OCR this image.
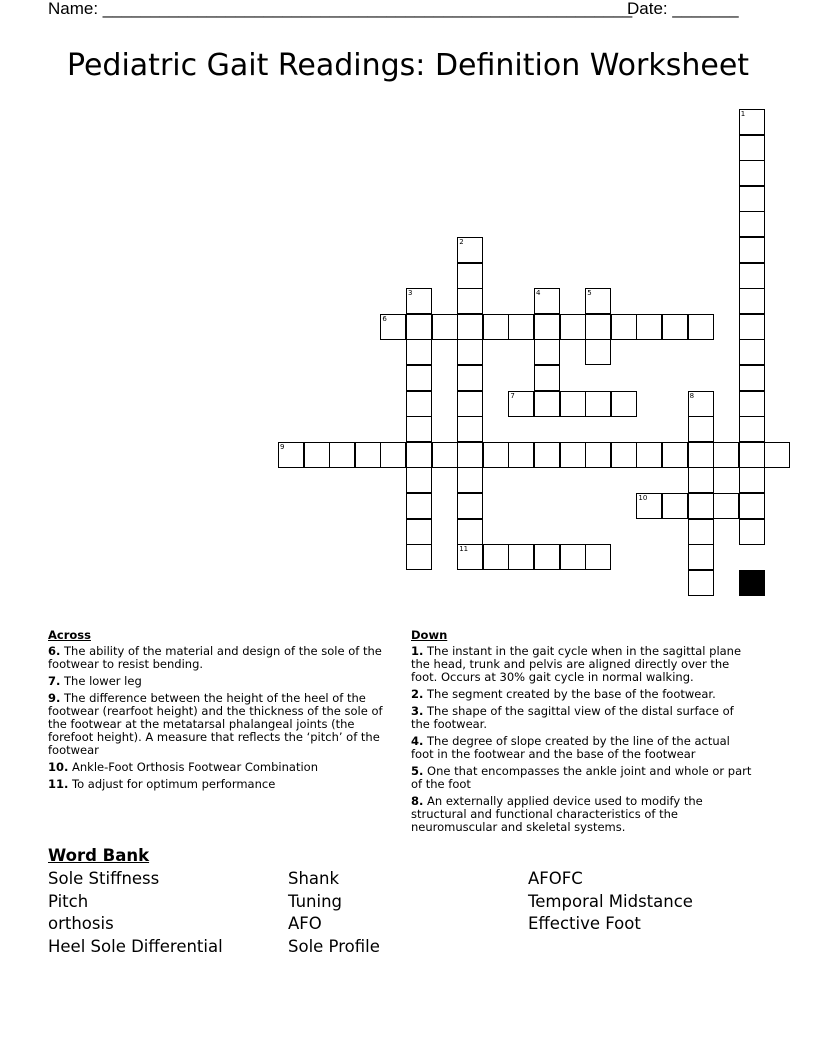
Name: ________________________________________________________
Date: _______
Pediatric Gait Readings: Definition Worksheet
1
2
3	4	5
6
7	8
9
10
11
Across
6. The ability of the material and design of the sole of the footwear to resist bending.
7. The lower leg
9. The difference between the height of the heel of the footwear (rearfoot height) and the thickness of the sole of the footwear at the metatarsal phalangeal joints (the forefoot height). A measure that reflects the ‘pitch’ of the footwear
10. Ankle-Foot Orthosis Footwear Combination
11. To adjust for optimum performance
Down
1. The instant in the gait cycle when in the sagittal plane the head, trunk and pelvis are aligned directly over the foot. Occurs at 30% gait cycle in normal walking.
2. The segment created by the base of the footwear.
3. The shape of the sagittal view of the distal surface of the footwear.
4. The degree of slope created by the line of the actual foot in the footwear and the base of the footwear
5. One that encompasses the ankle joint and whole or part of the foot
8. An externally applied device used to modify the structural and functional characteristics of the neuromuscular and skeletal systems.
Word Bank
Sole Stiffness
Pitch
orthosis
Heel Sole Differential
Shank
Tuning
AFO
Sole Profile
AFOFC
Temporal Midstance
Effective Foot
